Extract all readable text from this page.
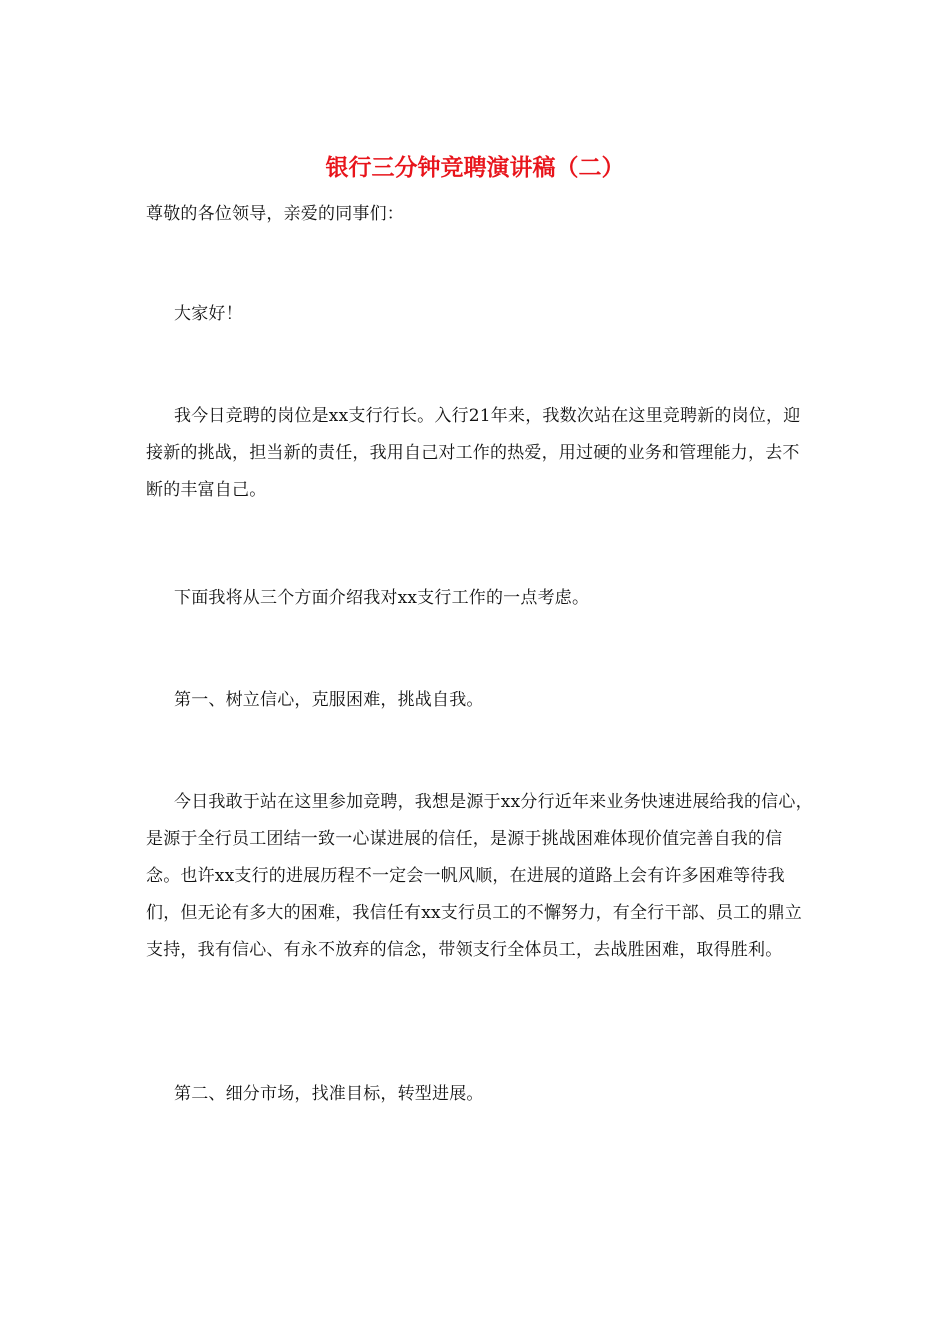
银行三分钟竞聘演讲稿（二）

尊敬的各位领导，亲爱的同事们：

大家好！

我今日竞聘的岗位是xx支行行长。入行21年来，我数次站在这里竞聘新的岗位，迎接新的挑战，担当新的责任，我用自己对工作的热爱，用过硬的业务和管理能力，去不断的丰富自己。

下面我将从三个方面介绍我对xx支行工作的一点考虑。

第一、树立信心，克服困难，挑战自我。

今日我敢于站在这里参加竞聘，我想是源于xx分行近年来业务快速进展给我的信心，是源于全行员工团结一致一心谋进展的信任，是源于挑战困难体现价值完善自我的信念。也许xx支行的进展历程不一定会一帆风顺，在进展的道路上会有许多困难等待我们，但无论有多大的困难，我信任有xx支行员工的不懈努力，有全行干部、员工的鼎立支持，我有信心、有永不放弃的信念，带领支行全体员工，去战胜困难，取得胜利。

第二、细分市场，找准目标，转型进展。
